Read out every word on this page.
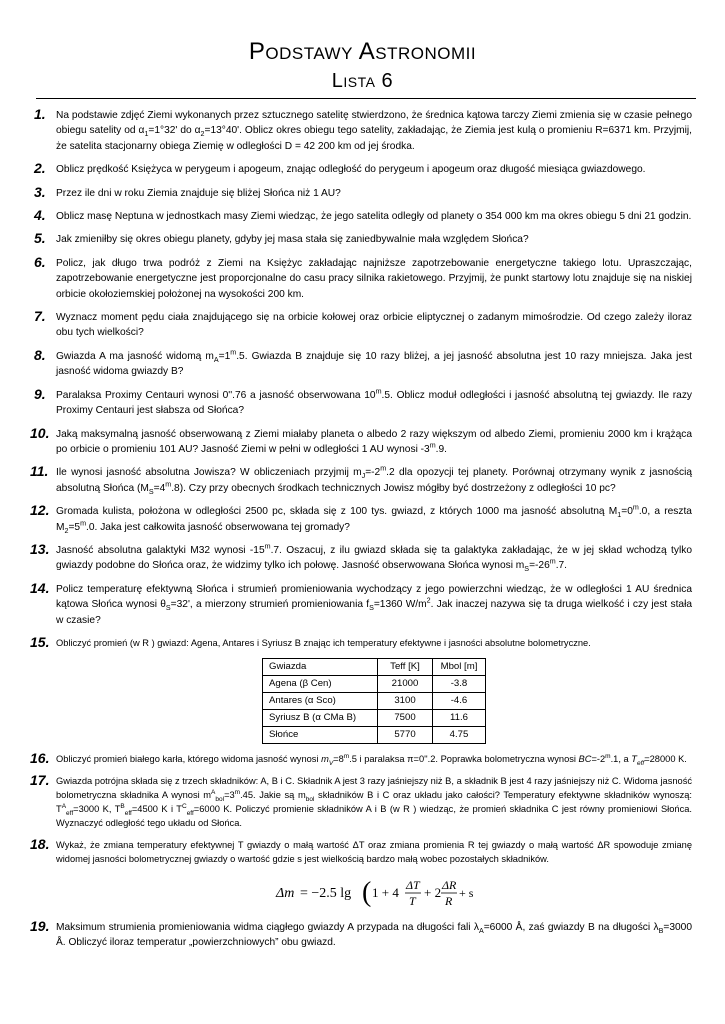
Podstawy Astronomii
Lista 6
1. Na podstawie zdjęć Ziemi wykonanych przez sztucznego satelitę stwierdzono, że średnica kątowa tarczy Ziemi zmienia się w czasie pełnego obiegu satelity od $\alpha_1=1^\circ 32'$ do $\alpha_2=13^\circ 40'$. Oblicz okres obiegu tego satelity, zakładając, że Ziemia jest kulą o promieniu R=6371 km. Przyjmij, że satelita stacjonarny obiega Ziemię w odległości D = 42 200 km od jej środka.
2. Oblicz prędkość Księżyca w perygeum i apogeum, znając odległość do perygeum i apogeum oraz długość miesiąca gwiazdowego.
3. Przez ile dni w roku Ziemia znajduje się bliżej Słońca niż 1 AU?
4. Oblicz masę Neptuna w jednostkach masy Ziemi wiedząc, że jego satelita odległy od planety o 354 000 km ma okres obiegu 5 dni 21 godzin.
5. Jak zmieniłby się okres obiegu planety, gdyby jej masa stała się zaniedbywalnie mała względem Słońca?
6. Policz, jak długo trwa podróż z Ziemi na Księżyc zakładając najniższe zapotrzebowanie energetyczne takiego lotu. Upraszczając, zapotrzebowanie energetyczne jest proporcjonalne do casu pracy silnika rakietowego. Przyjmij, że punkt startowy lotu znajduje się na niskiej orbicie okołoziemskiej położonej na wysokości 200 km.
7. Wyznacz moment pędu ciała znajdującego się na orbicie kołowej oraz orbicie eliptycznej o zadanym mimośrodzie. Od czego zależy iloraz obu tych wielkości?
8. Gwiazda A ma jasność widomą $m_A=1^m.5$. Gwiazda B znajduje się 10 razy bliżej, a jej jasność absolutna jest 10 razy mniejsza. Jaka jest jasność widoma gwiazdy B?
9. Paralaksa Proximy Centauri wynosi 0''.76 a jasność obserwowana 10$^m$.5. Oblicz moduł odległości i jasność absolutną tej gwiazdy. Ile razy Proximy Centauri jest słabsza od Słońca?
10. Jaką maksymalną jasność obserwowaną z Ziemi miałaby planeta o albedo 2 razy większym od albedo Ziemi, promieniu 2000 km i krążąca po orbicie o promieniu 101 AU? Jasność Ziemi w pełni w odległości 1 AU wynosi -3$^m$.9.
11. Ile wynosi jasność absolutna Jowisza? W obliczeniach przyjmij $m_J=-2^m.2$ dla opozycji tej planety. Porównaj otrzymany wynik z jasnością absolutną Słońca $(M_S=4^m.8)$. Czy przy obecnych środkach technicznych Jowisz mógłby być dostrzeżony z odległości 10 pc?
12. Gromada kulista, położona w odległości 2500 pc, składa się z 100 tys. gwiazd, z których 1000 ma jasność absolutną $M_1=0^m.0$, a reszta $M_2=5^m.0$. Jaka jest całkowita jasność obserwowana tej gromady?
13. Jasność absolutna galaktyki M32 wynosi -15$^m$.7. Oszacuj, z ilu gwiazd składa się ta galaktyka zakładając, że w jej skład wchodzą tylko gwiazdy podobne do Słońca oraz, że widzimy tylko ich połowę. Jasność obserwowana Słońca wynosi $m_S=-26^m.7$.
14. Policz temperaturę efektywną Słońca i strumień promieniowania wychodzący z jego powierzchni wiedząc, że w odległości 1 AU średnica kątowa Słońca wynosi $\theta_S=32'$, a mierzony strumień promieniowania $f_S=1360$ $W/m^2$. Jak inaczej nazywa się ta druga wielkość i czy jest stała w czasie?
15. Obliczyć promień (w R ) gwiazd: Agena, Antares i Syriusz B znając ich temperatury efektywne i jasności absolutne bolometryczne.
Gwiazda	Teff [K]	Mbol [m]
Agena (β Cen)	21000	-3.8
Antares (α Sco)	3100	-4.6
Syriusz B (α CMa B)	7500	11.6
Słońce	5770	4.75
16. Obliczyć promień białego karła, którego widoma jasność wynosi $m_V=8^m.5$ i paralaksa π=0''.2. Poprawka bolometryczna wynosi $BC=-2^m.1$, a $T_{eff}=28000$ K.
17. Gwiazda potrójna składa się z trzech składników: A, B i C. Składnik A jest 3 razy jaśniejszy niż B, a składnik B jest 4 razy jaśniejszy niż C. Widoma jasność bolometryczna składnika A wynosi $m^A_{bol}=3^m.45$. Jakie są $m_{bol}$ składników B i C oraz układu jako całości? Temperatury efektywne składników wynoszą: $T^A_{eff}=3000$ K, $T^B_{eff}=4500$ K i $T^C_{eff}=6000$ K. Policzyć promienie składników A i B (w R ) wiedząc, że promień składnika C jest równy promieniowi Słońca. Wyznaczyć odległość tego układu od Słońca.
18. Wykaż, że zmiana temperatury efektywnej T gwiazdy o małą wartość ΔT oraz zmiana promienia R tej gwiazdy o małą wartość ΔR spowoduje zmianę widomej jasności bolometrycznej gwiazdy o wartość gdzie s jest wielkością bardzo małą wobec pozostałych składników.
Δm = −2.5 lg ( 1 + 4 ΔT
T
+ 2 ΔR
R
+ s
19. Maksimum strumienia promieniowania widma ciągłego gwiazdy A przypada na długości fali $\lambda_A=6000$ Å, zaś gwiazdy B na długości $\lambda_B=3000$ Å. Obliczyć iloraz temperatur „powierzchniowych” obu gwiazd.
